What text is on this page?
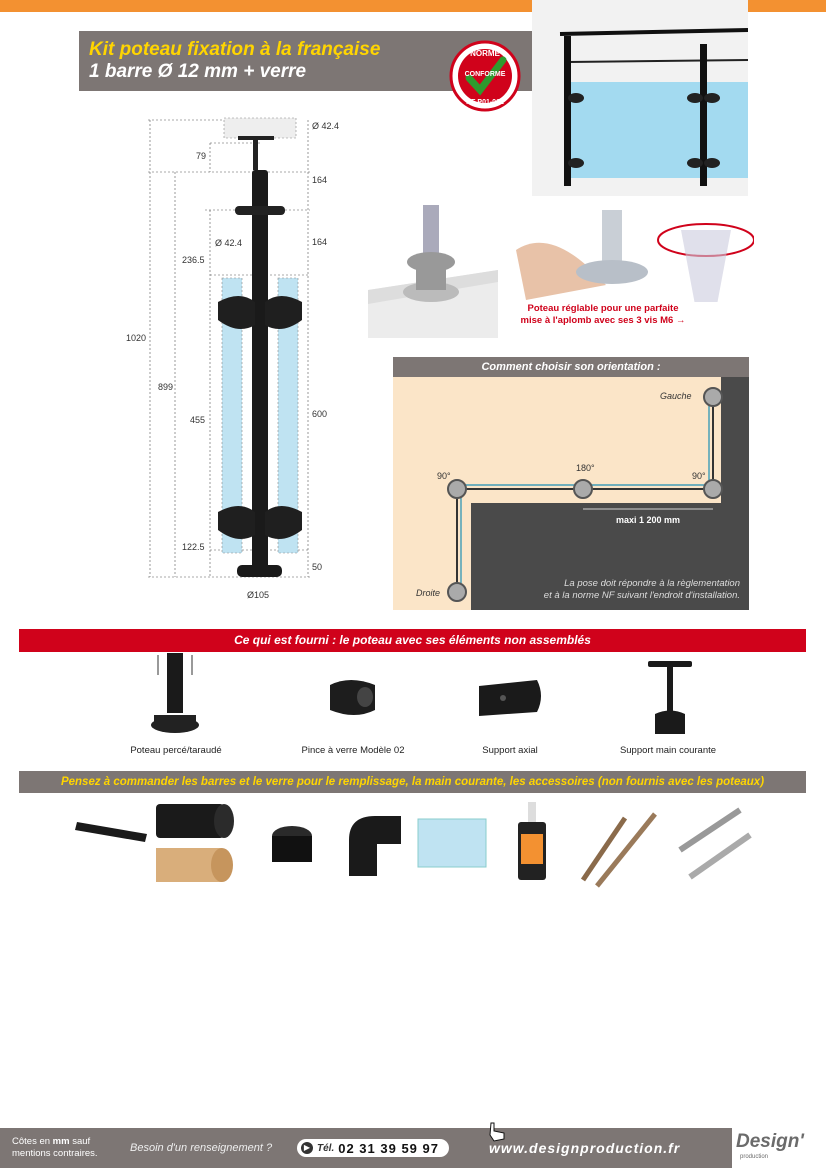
Kit poteau fixation à la française
1 barre Ø 12 mm + verre
NORME
CONFORME
NF P01-012
Ø 42.4
79
164
164
Ø 42.4
236.5
1020
899
455
600
122.5
50
Ø105
Poteau réglable pour une parfaite
mise à l'aplomb avec ses 3 vis M6 →
Comment choisir son orientation :
Gauche
Droite
90°
180°
90°
maxi 1 200 mm
La pose doit répondre à la règlementation
et à la norme NF suivant l'endroit d'installation.
Ce qui est fourni : le poteau avec ses éléments non assemblés
Poteau percé/taraudé	Pince à verre Modèle 02	Support axial	Support main courante
Pensez à commander les barres et le verre pour le remplissage, la main courante, les accessoires (non fournis avec les poteaux)
Côtes en mm sauf
mentions contraires.	Besoin d'un renseignement ?	▶ Tél. 02 31 39 59 97	www.designproduction.fr	Design'
production
